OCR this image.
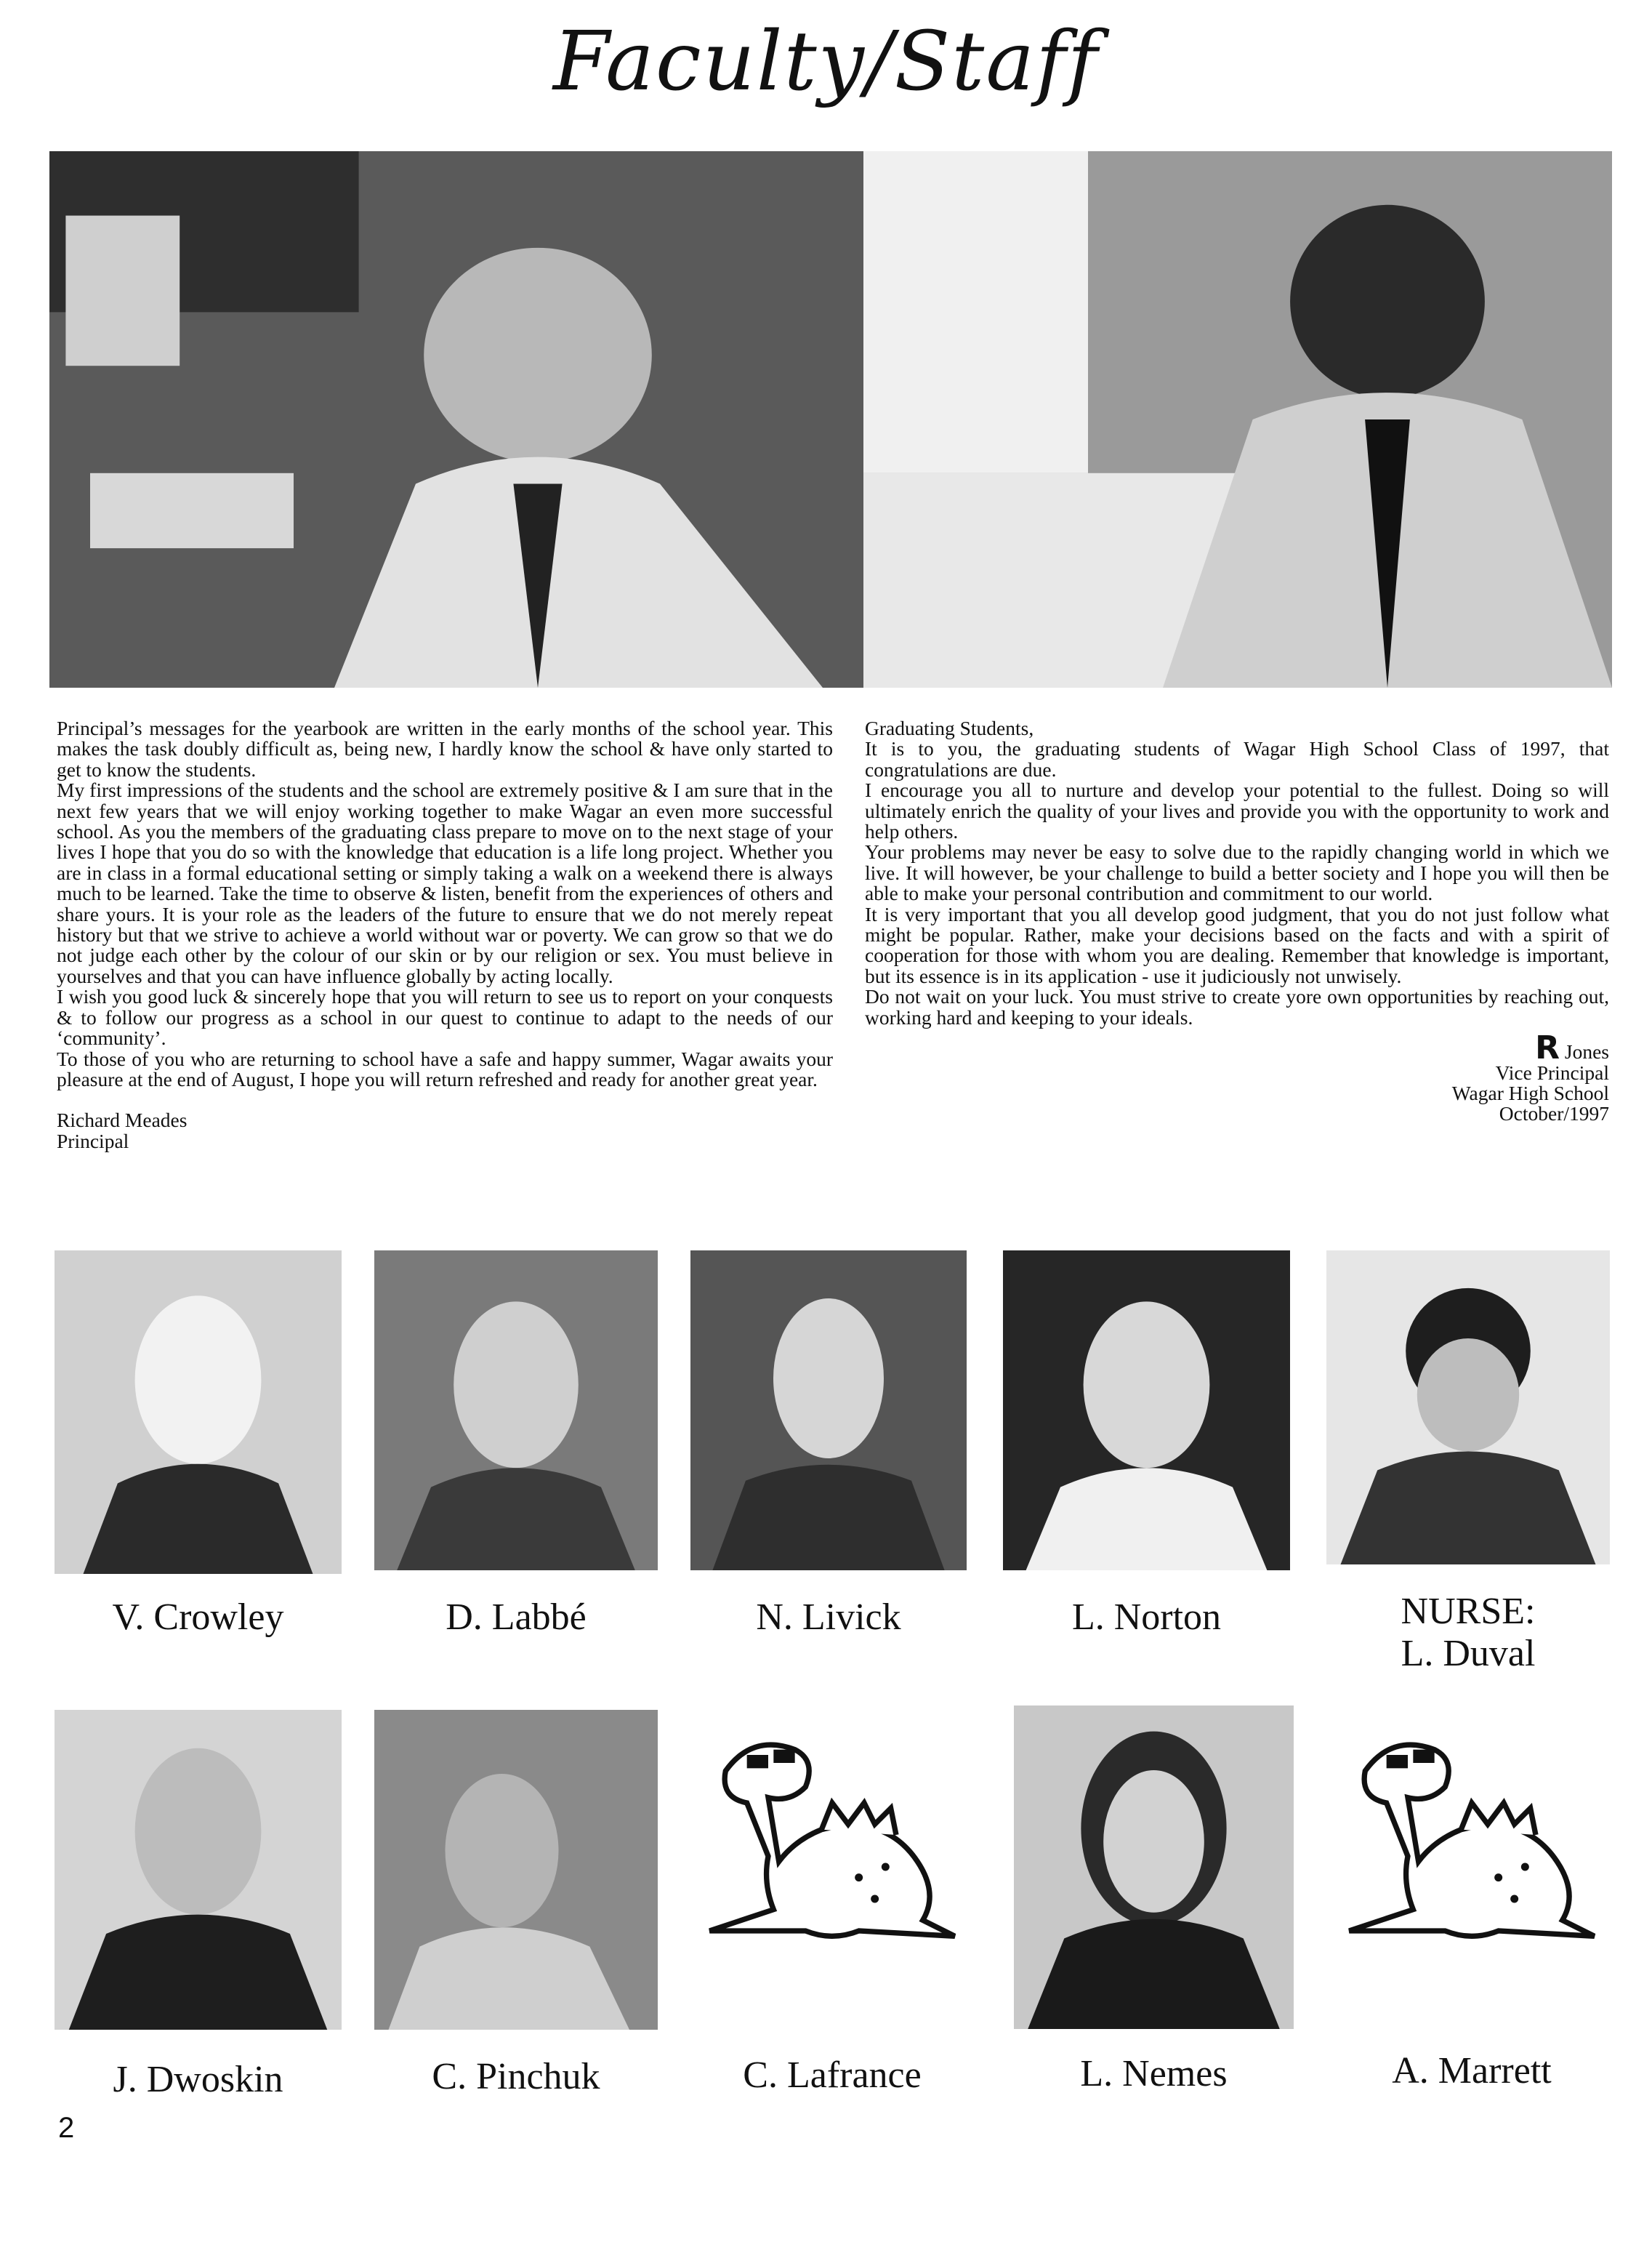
Faculty/Staff

Principal’s messages for the yearbook are written in the early months of the school year. This makes the task doubly difficult as, being new, I hardly know the school & have only started to get to know the students.

My first impressions of the students and the school are extremely positive & I am sure that in the next few years that we will enjoy working together to make Wagar an even more successful school. As you the members of the graduating class prepare to move on to the next stage of your lives I hope that you do so with the knowledge that education is a life long project. Whether you are in class in a formal educational setting or simply taking a walk on a weekend there is always much to be learned. Take the time to observe & listen, benefit from the experiences of others and share yours. It is your role as the leaders of the future to ensure that we do not merely repeat history but that we strive to achieve a world without war or poverty. We can grow so that we do not judge each other by the colour of our skin or by our religion or sex. You must believe in yourselves and that you can have influence globally by acting locally.

I wish you good luck & sincerely hope that you will return to see us to report on your conquests & to follow our progress as a school in our quest to continue to adapt to the needs of our ‘community’.

To those of you who are returning to school have a safe and happy summer, Wagar awaits your pleasure at the end of August, I hope you will return refreshed and ready for another great year.

Richard Meades

Principal

Graduating Students,

It is to you, the graduating students of Wagar High School Class of 1997, that congratulations are due.

I encourage you all to nurture and develop your potential to the fullest. Doing so will ultimately enrich the quality of your lives and provide you with the opportunity to work and help others.

Your problems may never be easy to solve due to the rapidly changing world in which we live. It will however, be your challenge to build a better society and I hope you will then be able to make your personal contribution and commitment to our world.

It is very important that you all develop good judgment, that you do not just follow what might be popular. Rather, make your decisions based on the facts and with a spirit of cooperation for those with whom you are dealing. Remember that knowledge is important, but its essence is in its application - use it judiciously not unwisely.

Do not wait on your luck. You must strive to create yore own opportunities by reaching out, working hard and keeping to your ideals.

R Jones
Vice Principal
Wagar High School
October/1997
V. Crowley	D. Labbé	N. Livick	L. Norton	NURSE:
L. Duval
J. Dwoskin	C. Pinchuk	C. Lafrance	L. Nemes	A. Marrett
2
